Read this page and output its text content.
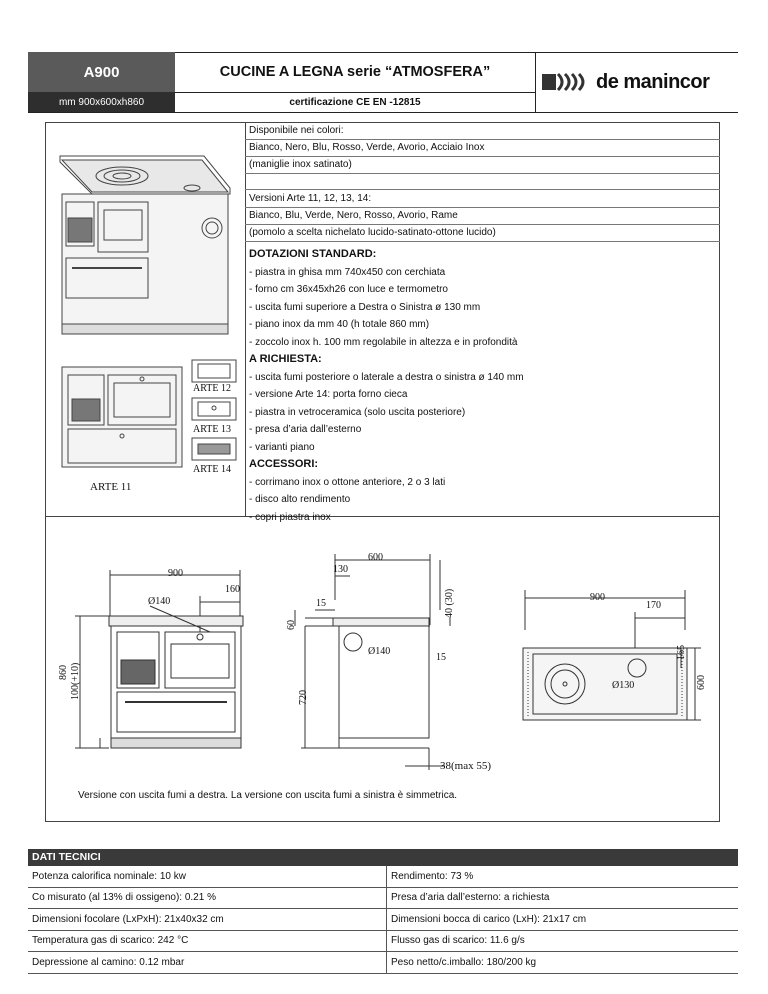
A900
mm 900x600xh860
CUCINE A LEGNA serie “ATMOSFERA”
certificazione CE EN -12815
de manincor
ARTE 11
ARTE 12
ARTE 13
ARTE 14
Disponibile nei colori:
Bianco, Nero, Blu, Rosso, Verde, Avorio, Acciaio Inox
(maniglie inox satinato)
Versioni Arte 11, 12, 13, 14:
Bianco, Blu, Verde, Nero, Rosso, Avorio, Rame
(pomolo a scelta nichelato lucido-satinato-ottone lucido)
DOTAZIONI STANDARD:
- piastra in ghisa mm 740x450 con cerchiata
- forno cm 36x45xh26 con luce e termometro
- uscita fumi superiore a Destra o Sinistra ø 130 mm
- piano inox da mm 40 (h totale 860 mm)
- zoccolo inox h. 100 mm regolabile in altezza e in profondità
A RICHIESTA:
- uscita fumi posteriore o laterale a destra o sinistra ø 140 mm
- versione Arte 14: porta forno cieca
- piastra in vetroceramica (solo uscita posteriore)
- presa d’aria dall’esterno
- varianti piano
ACCESSORI:
- corrimano inox o ottone anteriore, 2 o 3 lati
- disco alto rendimento
- copri piastra inox
900
160
Ø140
860 100(+10)
600
130
15
60
40 (30)
Ø140
15
720
38(max 55)
900
170
165
600
Ø130
Versione con uscita fumi a destra. La versione con uscita fumi a sinistra è simmetrica.
DATI TECNICI
Potenza calorifica nominale: 10 kw	Rendimento: 73 %
Co misurato (al 13% di ossigeno): 0.21 %	Presa d’aria dall’esterno: a richiesta
Dimensioni focolare (LxPxH): 21x40x32 cm	Dimensioni bocca di carico (LxH): 21x17 cm
Temperatura gas di scarico: 242 °C	Flusso gas di scarico: 11.6 g/s
Depressione al camino: 0.12 mbar	Peso netto/c.imballo: 180/200 kg
